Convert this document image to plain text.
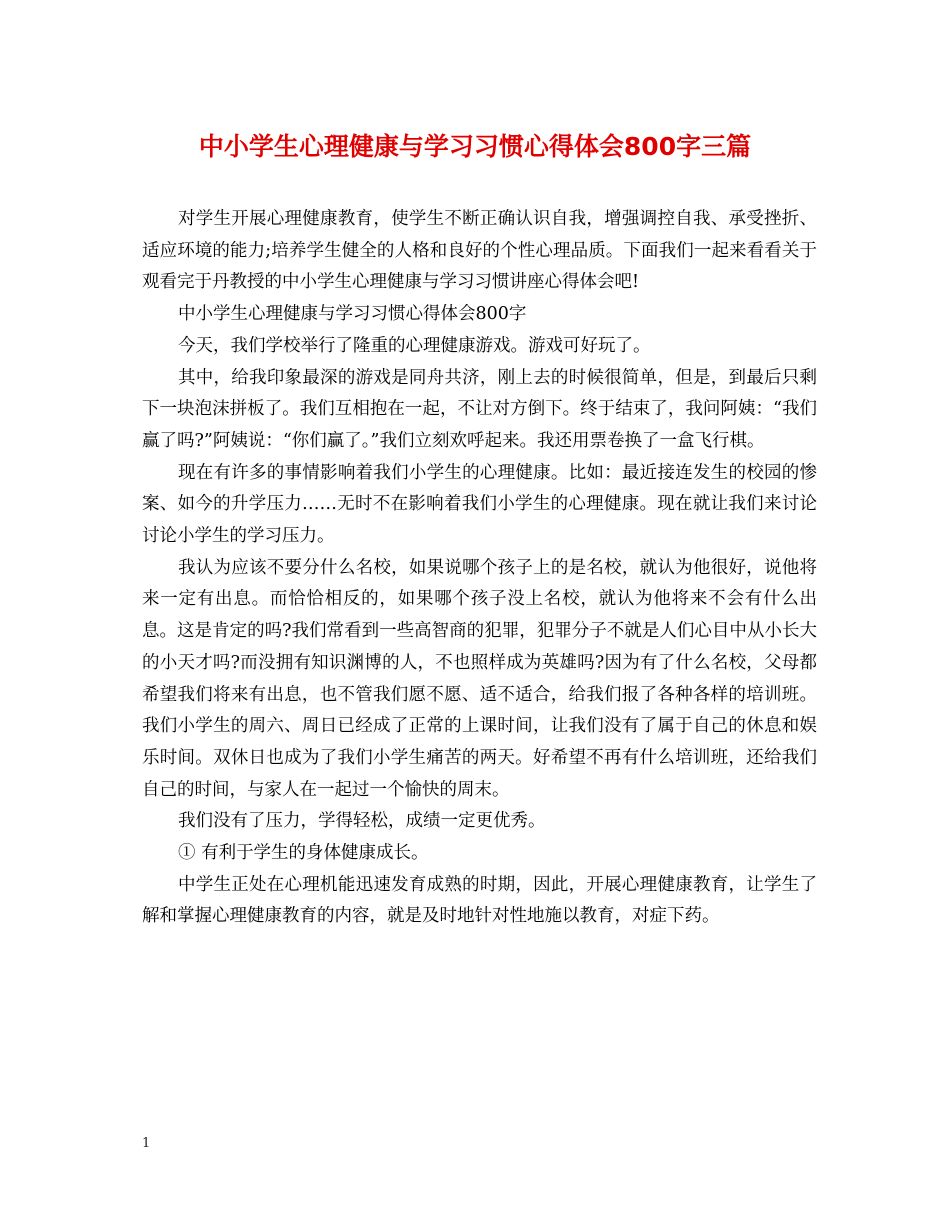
中小学生心理健康与学习习惯心得体会800字三篇

对学生开展心理健康教育，使学生不断正确认识自我，增强调控自我、承受挫折、适应环境的能力;培养学生健全的人格和良好的个性心理品质。下面我们一起来看看关于观看完于丹教授的中小学生心理健康与学习习惯讲座心得体会吧!

中小学生心理健康与学习习惯心得体会800字

今天，我们学校举行了隆重的心理健康游戏。游戏可好玩了。

其中，给我印象最深的游戏是同舟共济，刚上去的时候很简单，但是，到最后只剩下一块泡沫拼板了。我们互相抱在一起，不让对方倒下。终于结束了，我问阿姨：“我们赢了吗?”阿姨说：“你们赢了。”我们立刻欢呼起来。我还用票卷换了一盒飞行棋。

现在有许多的事情影响着我们小学生的心理健康。比如：最近接连发生的校园的惨案、如今的升学压力……无时不在影响着我们小学生的心理健康。现在就让我们来讨论讨论小学生的学习压力。

我认为应该不要分什么名校，如果说哪个孩子上的是名校，就认为他很好，说他将来一定有出息。而恰恰相反的，如果哪个孩子没上名校，就认为他将来不会有什么出息。这是肯定的吗?我们常看到一些高智商的犯罪，犯罪分子不就是人们心目中从小长大的小天才吗?而没拥有知识渊博的人，不也照样成为英雄吗?因为有了什么名校，父母都希望我们将来有出息，也不管我们愿不愿、适不适合，给我们报了各种各样的培训班。我们小学生的周六、周日已经成了正常的上课时间，让我们没有了属于自己的休息和娱乐时间。双休日也成为了我们小学生痛苦的两天。好希望不再有什么培训班，还给我们自己的时间，与家人在一起过一个愉快的周末。

我们没有了压力，学得轻松，成绩一定更优秀。

① 有利于学生的身体健康成长。

中学生正处在心理机能迅速发育成熟的时期，因此，开展心理健康教育，让学生了解和掌握心理健康教育的内容，就是及时地针对性地施以教育，对症下药。

1
